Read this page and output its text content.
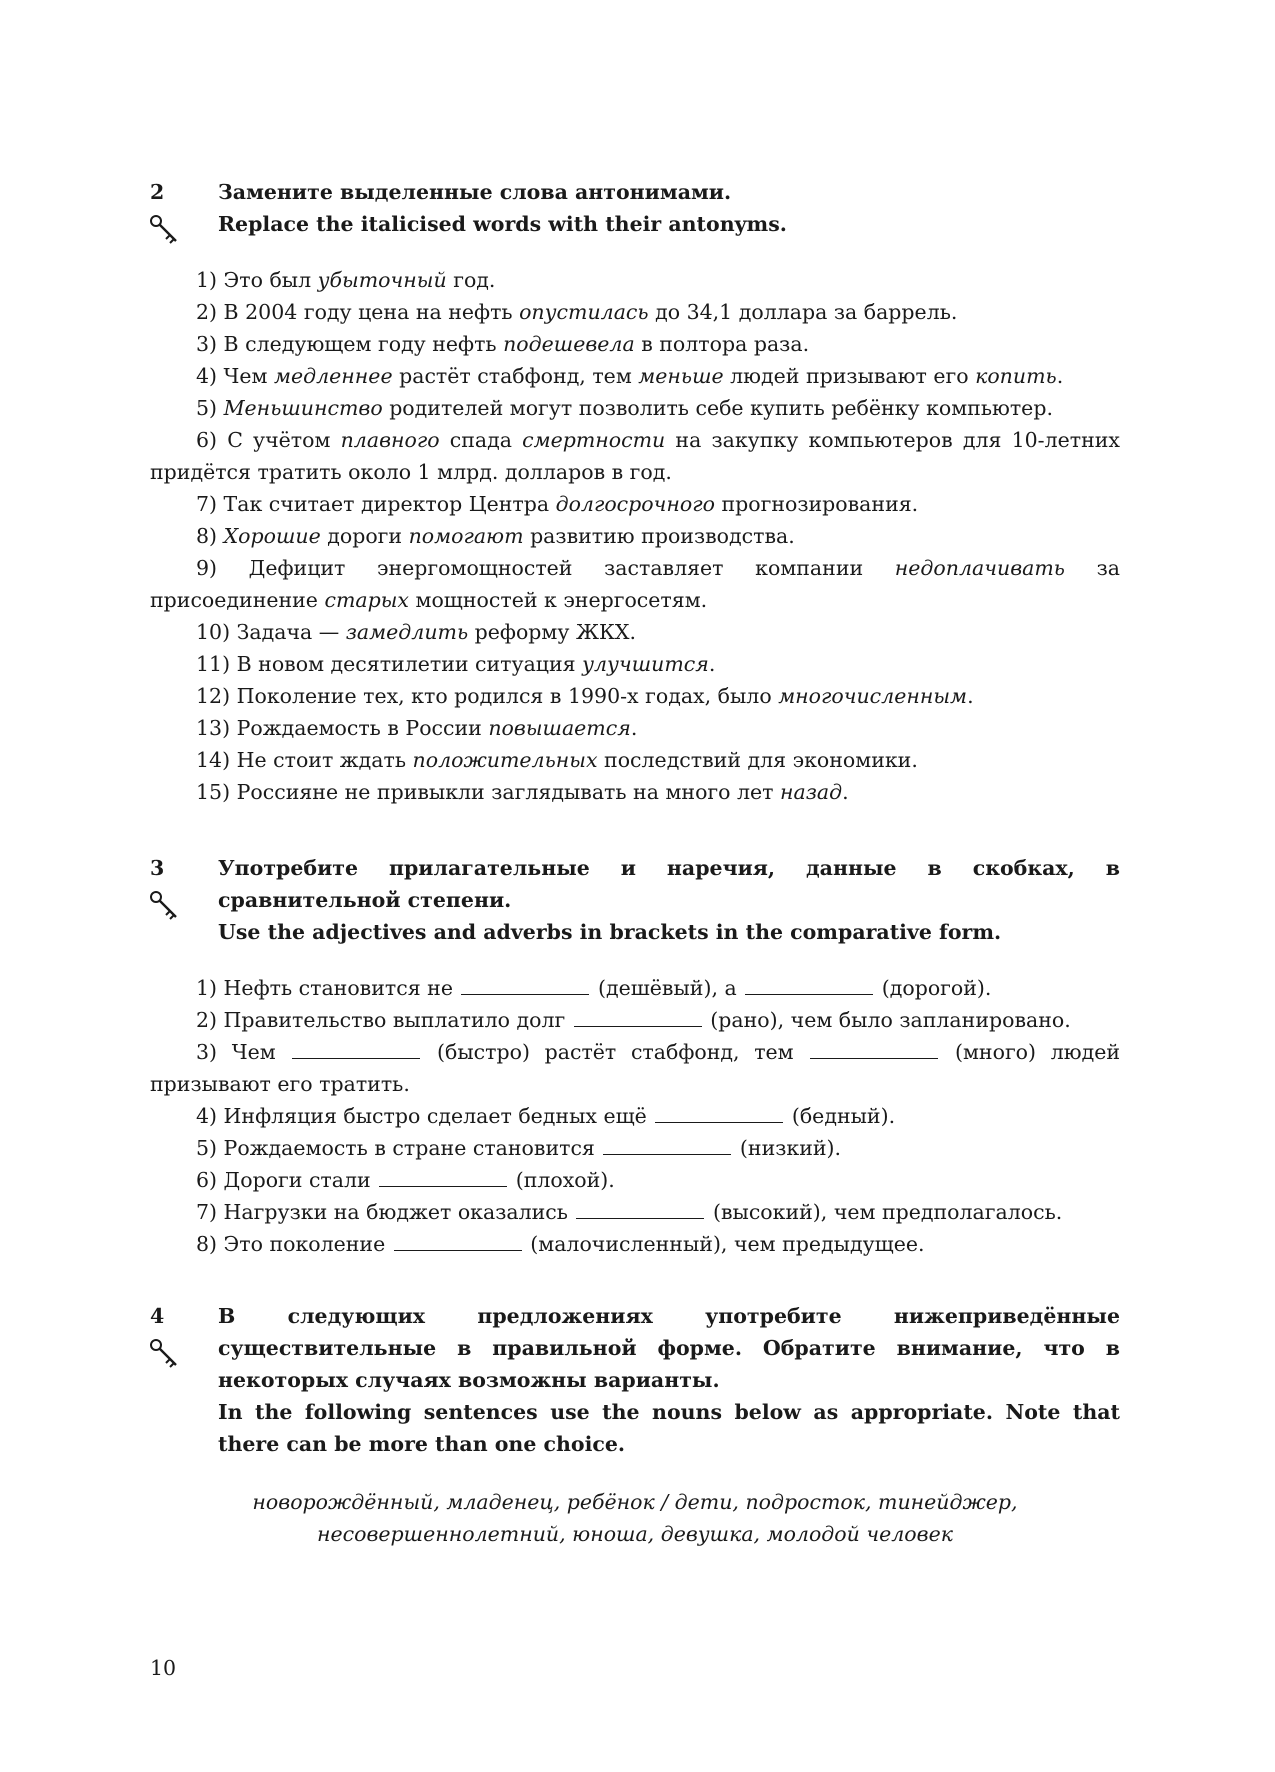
2	Замените выделенные слова антонимами.
Replace the italicised words with their antonyms.
1) Это был убыточный год.
2) В 2004 году цена на нефть опустилась до 34,1 доллара за баррель.
3) В следующем году нефть подешевела в полтора раза.
4) Чем медленнее растёт стабфонд, тем меньше людей призывают его копить.
5) Меньшинство родителей могут позволить себе купить ребёнку компьютер.
6) С учётом плавного спада смертности на закупку компьютеров для 10-летних придётся тратить около 1 млрд. долларов в год.
7) Так считает директор Центра долгосрочного прогнозирования.
8) Хорошие дороги помогают развитию производства.
9) Дефицит энергомощностей заставляет компании недоплачивать за присоединение старых мощностей к энергосетям.
10) Задача — замедлить реформу ЖКХ.
11) В новом десятилетии ситуация улучшится.
12) Поколение тех, кто родился в 1990-х годах, было многочисленным.
13) Рождаемость в России повышается.
14) Не стоит ждать положительных последствий для экономики.
15) Россияне не привыкли заглядывать на много лет назад.
3	Употребите прилагательные и наречия, данные в скобках, в сравнительной степени.
Use the adjectives and adverbs in brackets in the comparative form.
1) Нефть становится не	(дешёвый), а	(дорогой).
2) Правительство выплатило долг	(рано), чем было запланировано.
3) Чем	(быстро) растёт стабфонд, тем	(много) людей призывают его тратить.
4) Инфляция быстро сделает бедных ещё	(бедный).
5) Рождаемость в стране становится	(низкий).
6) Дороги стали	(плохой).
7) Нагрузки на бюджет оказались	(высокий), чем предполагалось.
8) Это поколение	(малочисленный), чем предыдущее.
4	В следующих предложениях употребите нижеприведённые существительные в правильной форме. Обратите внимание, что в некоторых случаях возможны варианты.
In the following sentences use the nouns below as appropriate. Note that there can be more than one choice.
новорождённый, младенец, ребёнок / дети, подросток, тинейджер, несовершеннолетний, юноша, девушка, молодой человек
10
